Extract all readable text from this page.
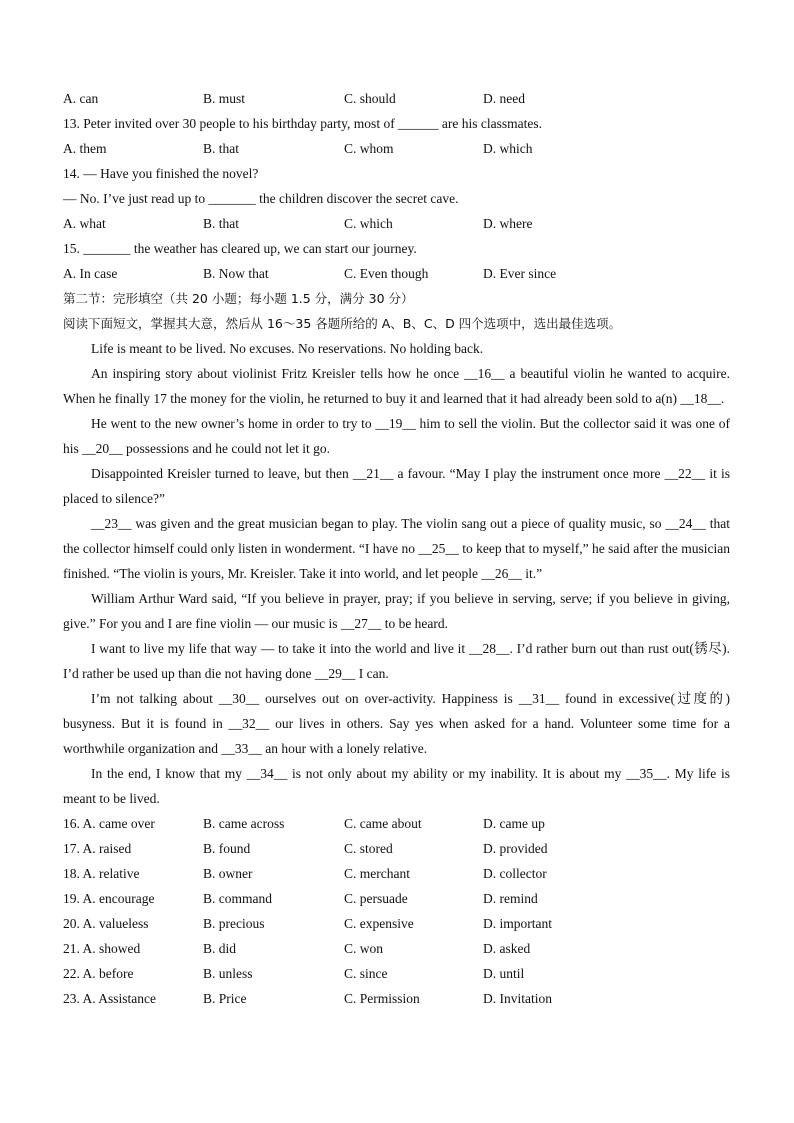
A. can	B. must	C. should	D. need
13. Peter invited over 30 people to his birthday party, most of ______ are his classmates.
A. them	B. that	C. whom	D. which
14. — Have you finished the novel?
— No. I’ve just read up to _______ the children discover the secret cave.
A. what	B. that	C. which	D. where
15. _______ the weather has cleared up, we can start our journey.
A. In case	B. Now that	C. Even though	D. Ever since
第二节：完形填空（共 20 小题；每小题 1.5 分，满分 30 分）
阅读下面短文，掌握其大意，然后从 16～35 各题所给的 A、B、C、D 四个选项中，选出最佳选项。
Life is meant to be lived. No excuses. No reservations. No holding back.
An inspiring story about violinist Fritz Kreisler tells how he once __16__ a beautiful violin he wanted to acquire. When he finally 17 the money for the violin, he returned to buy it and learned that it had already been sold to a(n) __18__.
He went to the new owner’s home in order to try to __19__ him to sell the violin. But the collector said it was one of his __20__ possessions and he could not let it go.
Disappointed Kreisler turned to leave, but then __21__ a favour. “May I play the instrument once more __22__ it is placed to silence?”
__23__ was given and the great musician began to play. The violin sang out a piece of quality music, so __24__ that the collector himself could only listen in wonderment. “I have no __25__ to keep that to myself,” he said after the musician finished. “The violin is yours, Mr. Kreisler. Take it into world, and let people __26__ it.”
William Arthur Ward said, “If you believe in prayer, pray; if you believe in serving, serve; if you believe in giving, give.” For you and I are fine violin — our music is __27__ to be heard.
I want to live my life that way — to take it into the world and live it __28__. I’d rather burn out than rust out(锈尽). I’d rather be used up than die not having done __29__ I can.
I’m not talking about __30__ ourselves out on over-activity. Happiness is __31__ found in excessive(过度的) busyness. But it is found in __32__ our lives in others. Say yes when asked for a hand. Volunteer some time for a worthwhile organization and __33__ an hour with a lonely relative.
In the end, I know that my __34__ is not only about my ability or my inability. It is about my __35__. My life is meant to be lived.
16. A. came over	B. came across	C. came about	D. came up
17. A. raised	B. found	C. stored	D. provided
18. A. relative	B. owner	C. merchant	D. collector
19. A. encourage	B. command	C. persuade	D. remind
20. A. valueless	B. precious	C. expensive	D. important
21. A. showed	B. did	C. won	D. asked
22. A. before	B. unless	C. since	D. until
23. A. Assistance	B. Price	C. Permission	D. Invitation
